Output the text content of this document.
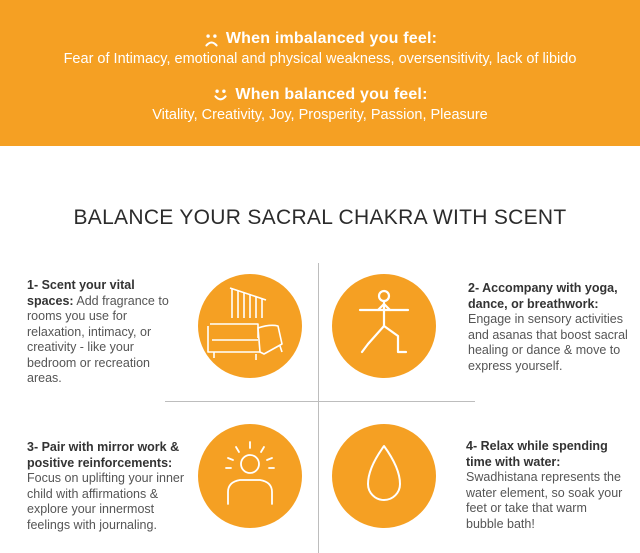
When imbalanced you feel:
Fear of Intimacy, emotional and physical weakness, oversensitivity, lack of libido
When balanced you feel:
Vitality, Creativity, Joy, Prosperity, Passion, Pleasure
BALANCE YOUR SACRAL CHAKRA WITH SCENT
1- Scent your vital spaces: Add fragrance to rooms you use for relaxation, intimacy, or creativity - like your bedroom or recreation areas.
2- Accompany with yoga, dance, or breathwork: Engage in sensory activities and asanas that boost sacral healing or dance & move to express yourself.
3- Pair with mirror work & positive reinforcements: Focus on uplifting your inner child with affirmations & explore your innermost feelings with journaling.
4- Relax while spending time with water: Swadhistana represents the water element, so soak your feet or take that warm bubble bath!
